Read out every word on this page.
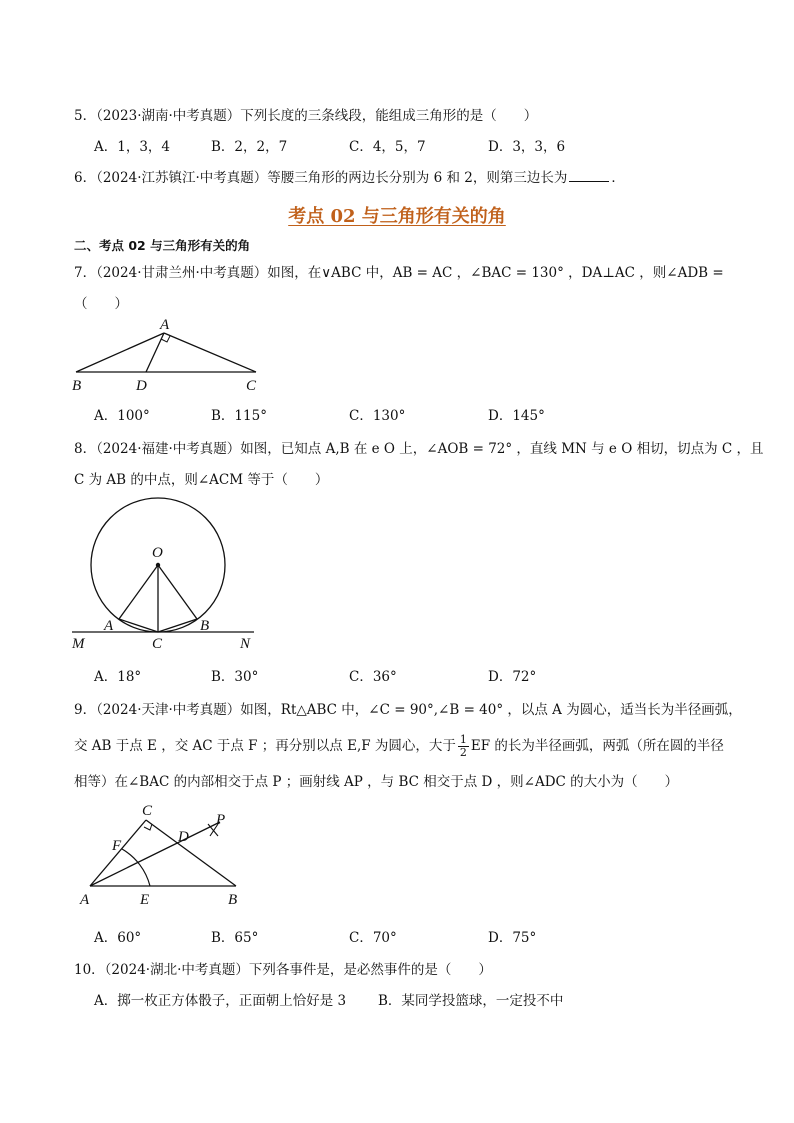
5．（2023·湖南·中考真题）下列长度的三条线段，能组成三角形的是（　　）
A．1，3，4	B．2，2，7	C．4，5，7	D．3，3，6
6．（2024·江苏镇江·中考真题）等腰三角形的两边长分别为 6 和 2，则第三边长为	．
考点 02 与三角形有关的角
二、考点 02 与三角形有关的角
7．（2024·甘肃兰州·中考真题）如图，在∨ABC 中，AB = AC ，∠BAC = 130° ，DA⊥AC ，则∠ADB =
（　　）
A
B	D	C
A．100°	B．115°	C．130°	D．145°
8．（2024·福建·中考真题）如图，已知点 A,B 在 e O 上，∠AOB = 72° ，直线 MN 与 e O 相切，切点为 C ，且
C 为 AB 的中点，则∠ACM 等于（　　）
O
A
C
B
M	N
A．18°	B．30°	C．36°	D．72°
9．（2024·天津·中考真题）如图，Rt△ABC 中，∠C = 90°,∠B = 40° ，以点 A 为圆心，适当长为半径画弧，
交 AB 于点 E ，交 AC 于点 F ；再分别以点 E,F 为圆心，大于 $\frac{1}{2}$ EF 的长为半径画弧，两弧（所在圆的半径
相等）在∠BAC 的内部相交于点 P ；画射线 AP ，与 BC 相交于点 D ，则∠ADC 的大小为（　　）
C
F
D
P
A	E	B
A．60°	B．65°	C．70°	D．75°
10．（2024·湖北·中考真题）下列各事件是，是必然事件的是（　　）
A．掷一枚正方体骰子，正面朝上恰好是 3 B．某同学投篮球，一定投不中
